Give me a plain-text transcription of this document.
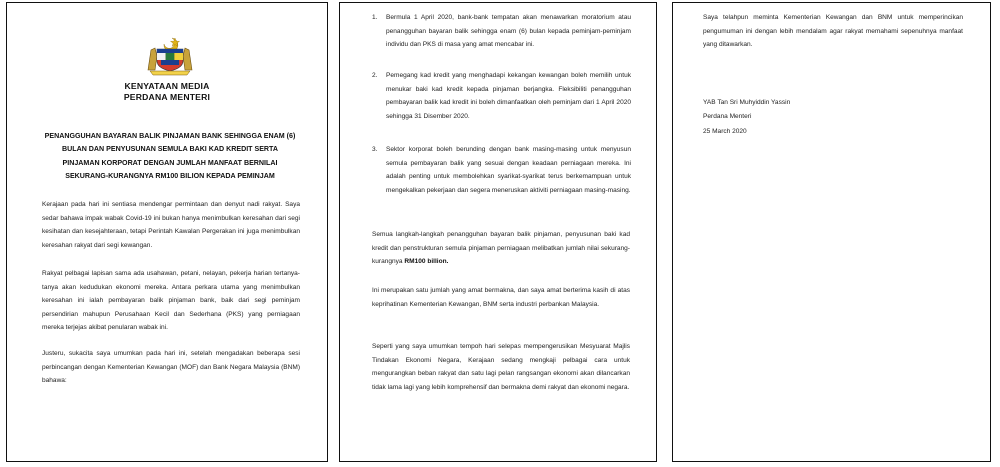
KENYATAAN MEDIA
PERDANA MENTERI
PENANGGUHAN BAYARAN BALIK PINJAMAN BANK SEHINGGA ENAM (6) BULAN DAN PENYUSUNAN SEMULA BAKI KAD KREDIT SERTA PINJAMAN KORPORAT DENGAN JUMLAH MANFAAT BERNILAI SEKURANG-KURANGNYA RM100 BILION KEPADA PEMINJAM

Kerajaan pada hari ini sentiasa mendengar permintaan dan denyut nadi rakyat. Saya sedar bahawa impak wabak Covid-19 ini bukan hanya menimbulkan keresahan dari segi kesihatan dan kesejahteraan, tetapi Perintah Kawalan Pergerakan ini juga menimbulkan keresahan rakyat dari segi kewangan.

Rakyat pelbagai lapisan sama ada usahawan, petani, nelayan, pekerja harian tertanya-tanya akan kedudukan ekonomi mereka. Antara perkara utama yang menimbulkan keresahan ini ialah pembayaran balik pinjaman bank, baik dari segi peminjam persendirian mahupun Perusahaan Kecil dan Sederhana (PKS) yang perniagaan mereka terjejas akibat penularan wabak ini.

Justeru, sukacita saya umumkan pada hari ini, setelah mengadakan beberapa sesi perbincangan dengan Kementerian Kewangan (MOF) dan Bank Negara Malaysia (BNM) bahawa:

1. Bermula 1 April 2020, bank-bank tempatan akan menawarkan moratorium atau penangguhan bayaran balik sehingga enam (6) bulan kepada peminjam-peminjam individu dan PKS di masa yang amat mencabar ini.

2. Pemegang kad kredit yang menghadapi kekangan kewangan boleh memilih untuk menukar baki kad kredit kepada pinjaman berjangka. Fleksibiliti penangguhan pembayaran balik kad kredit ini boleh dimanfaatkan oleh peminjam dari 1 April 2020 sehingga 31 Disember 2020.

3. Sektor korporat boleh berunding dengan bank masing-masing untuk menyusun semula pembayaran balik yang sesuai dengan keadaan perniagaan mereka. Ini adalah penting untuk membolehkan syarikat-syarikat terus berkemampuan untuk mengekalkan pekerjaan dan segera meneruskan aktiviti perniagaan masing-masing.

Semua langkah-langkah penangguhan bayaran balik pinjaman, penyusunan baki kad kredit dan penstrukturan semula pinjaman perniagaan melibatkan jumlah nilai sekurang-kurangnya RM100 billion.

Ini merupakan satu jumlah yang amat bermakna, dan saya amat berterima kasih di atas keprihatinan Kementerian Kewangan, BNM serta industri perbankan Malaysia.

Seperti yang saya umumkan tempoh hari selepas mempengerusikan Mesyuarat Majlis Tindakan Ekonomi Negara, Kerajaan sedang mengkaji pelbagai cara untuk mengurangkan beban rakyat dan satu lagi pelan rangsangan ekonomi akan dilancarkan tidak lama lagi yang lebih komprehensif dan bermakna demi rakyat dan ekonomi negara.

Saya telahpun meminta Kementerian Kewangan dan BNM untuk memperincikan pengumuman ini dengan lebih mendalam agar rakyat memahami sepenuhnya manfaat yang ditawarkan.

YAB Tan Sri Muhyiddin Yassin
Perdana Menteri
25 March 2020
